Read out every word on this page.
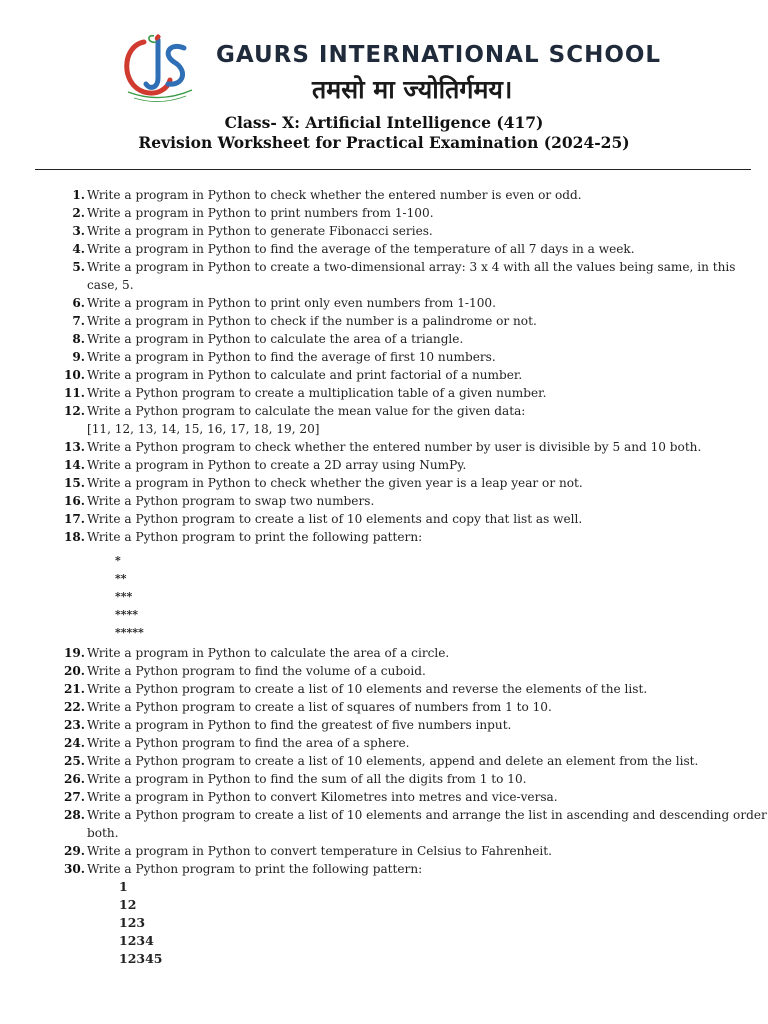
GAURS INTERNATIONAL SCHOOL
तमसो मा ज्योतिर्गमय।
Class- X: Artificial Intelligence (417)
Revision Worksheet for Practical Examination (2024-25)
1. Write a program in Python to check whether the entered number is even or odd.
2. Write a program in Python to print numbers from 1-100.
3. Write a program in Python to generate Fibonacci series.
4. Write a program in Python to find the average of the temperature of all 7 days in a week.
5. Write a program in Python to create a two-dimensional array: 3 x 4 with all the values being same, in this
case, 5.
6. Write a program in Python to print only even numbers from 1-100.
7. Write a program in Python to check if the number is a palindrome or not.
8. Write a program in Python to calculate the area of a triangle.
9. Write a program in Python to find the average of first 10 numbers.
10. Write a program in Python to calculate and print factorial of a number.
11. Write a Python program to create a multiplication table of a given number.
12. Write a Python program to calculate the mean value for the given data:
[11, 12, 13, 14, 15, 16, 17, 18, 19, 20]
13. Write a Python program to check whether the entered number by user is divisible by 5 and 10 both.
14. Write a program in Python to create a 2D array using NumPy.
15. Write a program in Python to check whether the given year is a leap year or not.
16. Write a Python program to swap two numbers.
17. Write a Python program to create a list of 10 elements and copy that list as well.
18. Write a Python program to print the following pattern:
*
**
***
****
*****
19. Write a program in Python to calculate the area of a circle.
20. Write a Python program to find the volume of a cuboid.
21. Write a Python program to create a list of 10 elements and reverse the elements of the list.
22. Write a Python program to create a list of squares of numbers from 1 to 10.
23. Write a program in Python to find the greatest of five numbers input.
24. Write a Python program to find the area of a sphere.
25. Write a Python program to create a list of 10 elements, append and delete an element from the list.
26. Write a program in Python to find the sum of all the digits from 1 to 10.
27. Write a program in Python to convert Kilometres into metres and vice-versa.
28. Write a Python program to create a list of 10 elements and arrange the list in ascending and descending order
both.
29. Write a program in Python to convert temperature in Celsius to Fahrenheit.
30. Write a Python program to print the following pattern:
1
12
123
1234
12345
